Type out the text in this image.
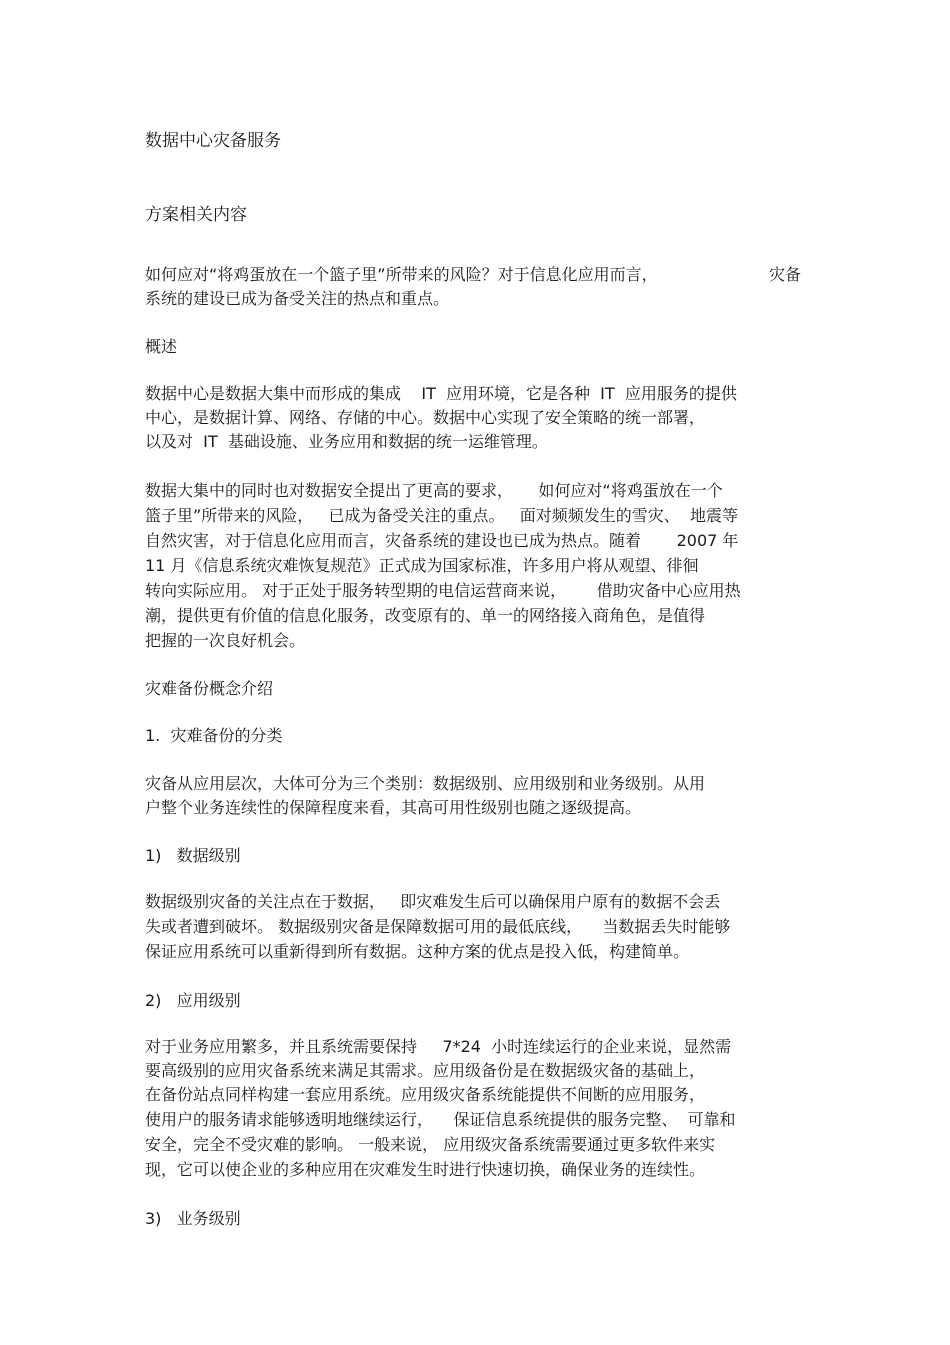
数据中心灾备服务
方案相关内容
如何应对“将鸡蛋放在一个篮子里”所带来的风险？对于信息化应用而言，	灾备
系统的建设已成为备受关注的热点和重点。
概述
数据中心是数据大集中而形成的集成    IT  应用环境，它是各种  IT  应用服务的提供
中心，是数据计算、网络、存储的中心。数据中心实现了安全策略的统一部署，
以及对  IT  基础设施、业务应用和数据的统一运维管理。
数据大集中的同时也对数据安全提出了更高的要求，     如何应对“将鸡蛋放在一个
篮子里”所带来的风险，   已成为备受关注的重点。   面对频频发生的雪灾、  地震等
自然灾害，对于信息化应用而言，灾备系统的建设也已成为热点。随着       2007 年
11 月《信息系统灾难恢复规范》正式成为国家标准，许多用户将从观望、徘徊
转向实际应用。 对于正处于服务转型期的电信运营商来说，      借助灾备中心应用热
潮，提供更有价值的信息化服务，改变原有的、单一的网络接入商角色，是值得
把握的一次良好机会。
灾难备份概念介绍
1.  灾难备份的分类
灾备从应用层次，大体可分为三个类别：数据级别、应用级别和业务级别。从用
户整个业务连续性的保障程度来看，其高可用性级别也随之逐级提高。
1)   数据级别
数据级别灾备的关注点在于数据，   即灾难发生后可以确保用户原有的数据不会丢
失或者遭到破坏。 数据级别灾备是保障数据可用的最低底线，    当数据丢失时能够
保证应用系统可以重新得到所有数据。这种方案的优点是投入低，构建简单。
2)   应用级别
对于业务应用繁多，并且系统需要保持     7*24  小时连续运行的企业来说，显然需
要高级别的应用灾备系统来满足其需求。应用级备份是在数据级灾备的基础上，
在备份站点同样构建一套应用系统。应用级灾备系统能提供不间断的应用服务，
使用户的服务请求能够透明地继续运行，    保证信息系统提供的服务完整、  可靠和
安全，完全不受灾难的影响。 一般来说， 应用级灾备系统需要通过更多软件来实
现，它可以使企业的多种应用在灾难发生时进行快速切换，确保业务的连续性。
3)   业务级别
